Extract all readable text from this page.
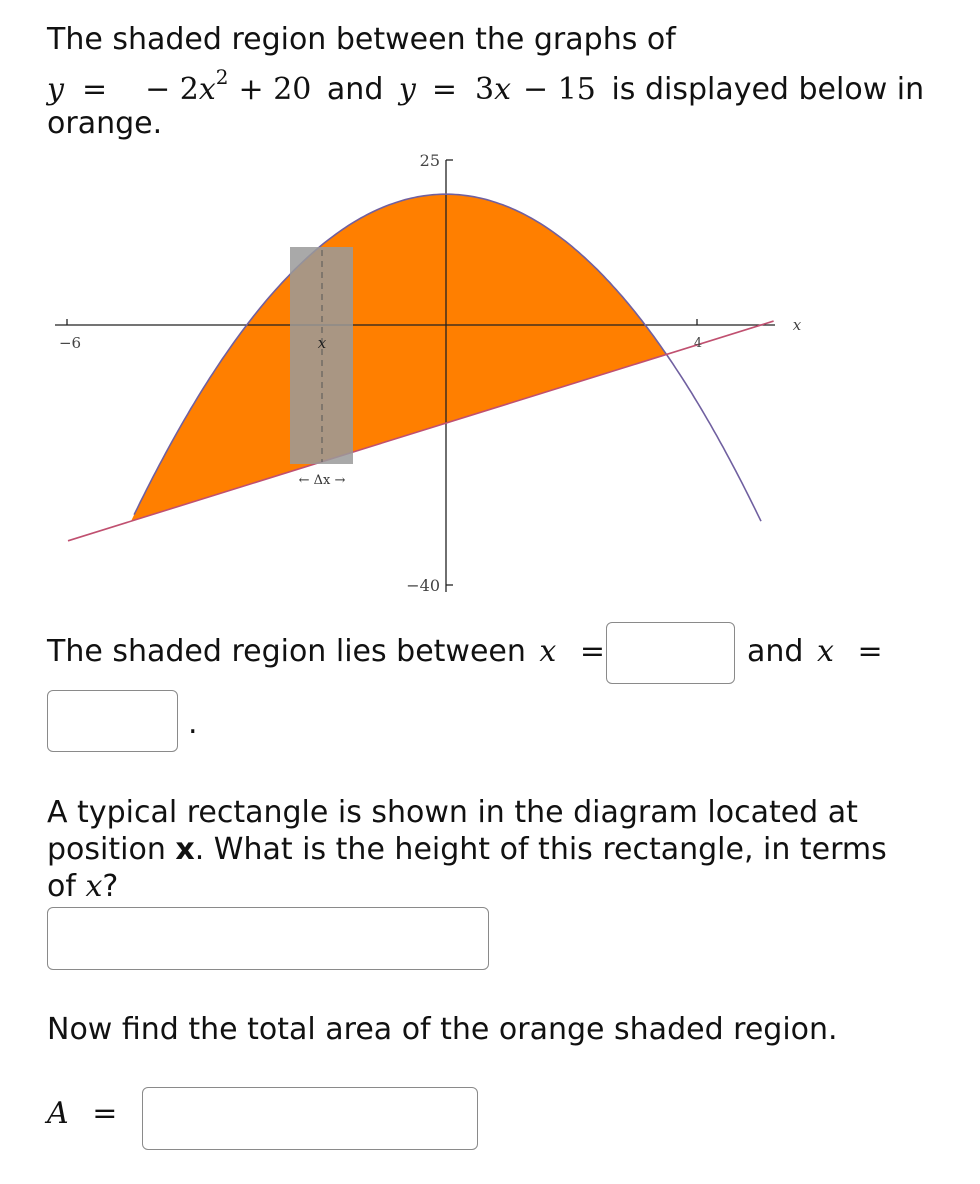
The shaded region between the graphs of
y = − $2x^2 + 20$ and y = 3x − 15 is displayed below in
orange.
x
← Δx →
25
−40
−6	4
x
The shaded region lies between x =	and x =
.
A typical rectangle is shown in the diagram located at
position x. What is the height of this rectangle, in terms
of x?
Now find the total area of the orange shaded region.
A =
